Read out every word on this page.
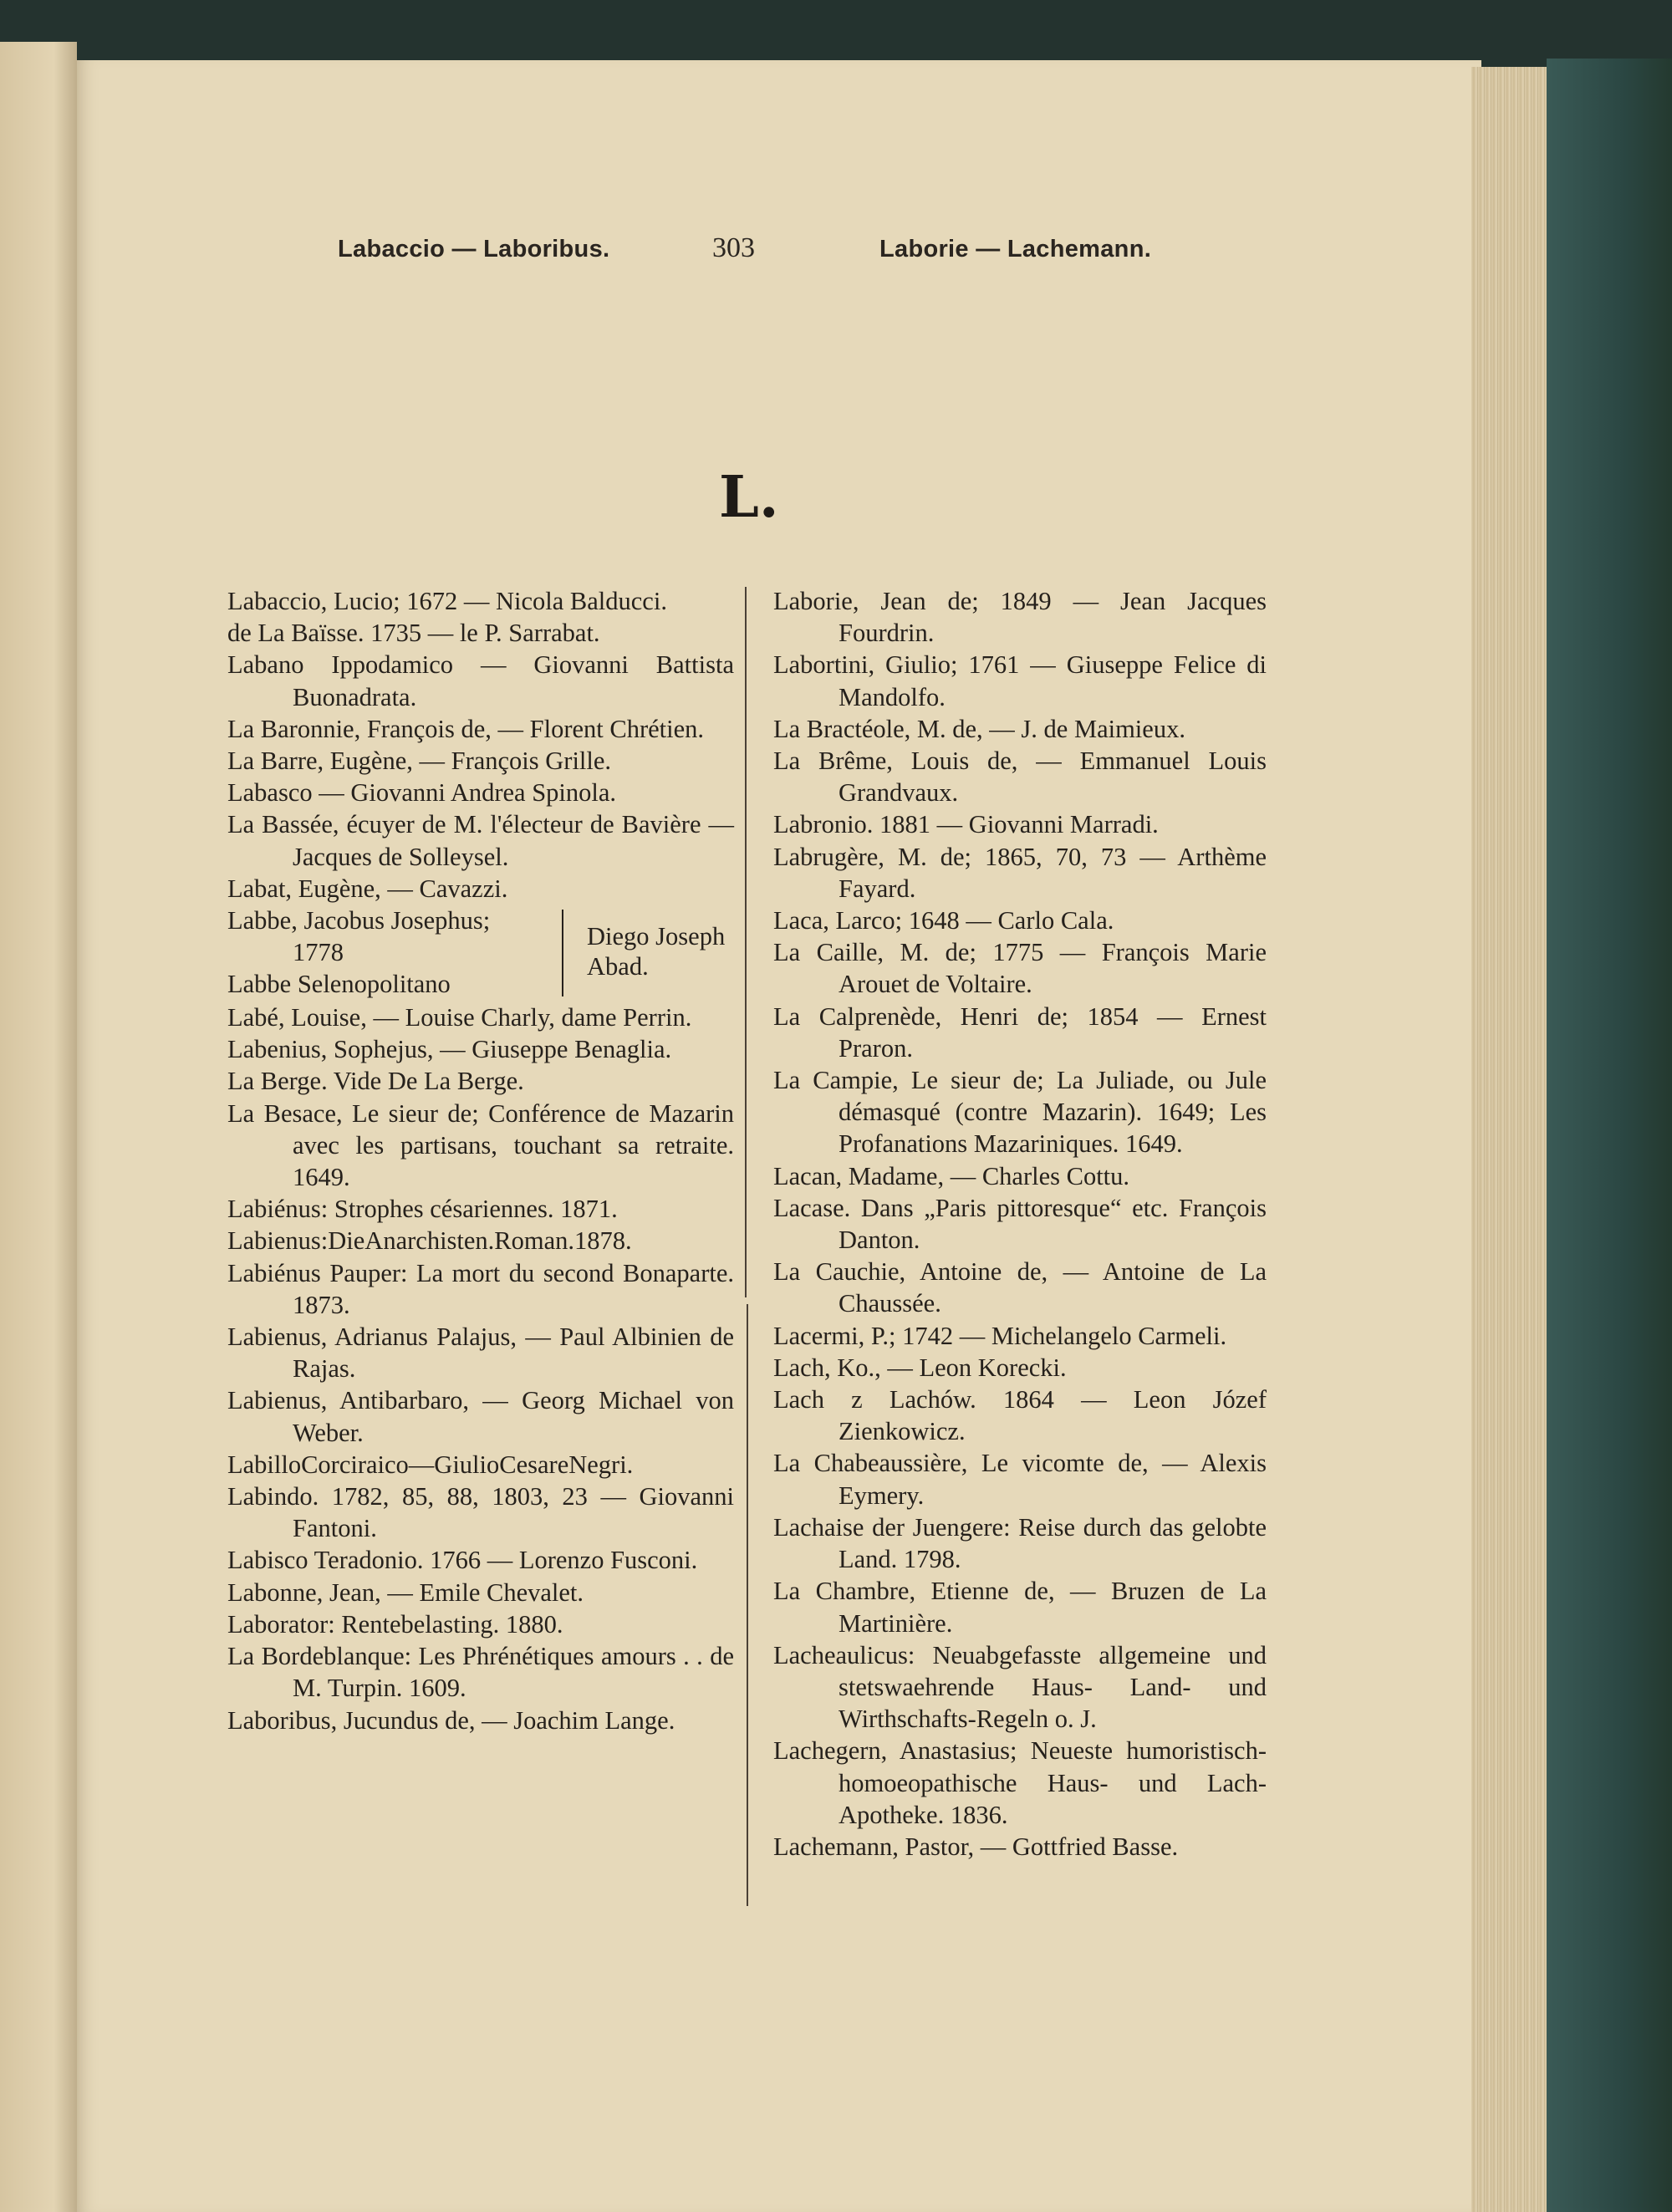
Labaccio — Laboribus.	303	Laborie — Lachemann.
L.

Labaccio, Lucio; 1672 — Nicola Balducci.

de La Baïsse. 1735 — le P. Sarrabat.

Labano Ippodamico — Giovanni Battista Buonadrata.

La Baronnie, François de, — Florent Chrétien.

La Barre, Eugène, — François Grille.

Labasco — Giovanni Andrea Spinola.

La Bassée, écuyer de M. l'électeur de Bavière — Jacques de Solleysel.

Labat, Eugène, — Cavazzi.

Labbe, Jacobus Josephus;
1778
Labbe Selenopolitano
Diego Joseph Abad.

Labé, Louise, — Louise Charly, dame Perrin.

Labenius, Sophejus, — Giuseppe Benaglia.

La Berge. Vide De La Berge.

La Besace, Le sieur de; Conférence de Mazarin avec les partisans, touchant sa retraite. 1649.

Labiénus: Strophes césariennes. 1871.

Labienus:DieAnarchisten.Roman.1878.

Labiénus Pauper: La mort du second Bonaparte. 1873.

Labienus, Adrianus Palajus, — Paul Albinien de Rajas.

Labienus, Antibarbaro, — Georg Michael von Weber.

LabilloCorciraico—GiulioCesareNegri.

Labindo. 1782, 85, 88, 1803, 23 — Giovanni Fantoni.

Labisco Teradonio. 1766 — Lorenzo Fusconi.

Labonne, Jean, — Emile Chevalet.

Laborator: Rentebelasting. 1880.

La Bordeblanque: Les Phrénétiques amours . . de M. Turpin. 1609.

Laboribus, Jucundus de, — Joachim Lange.

Laborie, Jean de; 1849 — Jean Jacques Fourdrin.

Labortini, Giulio; 1761 — Giuseppe Felice di Mandolfo.

La Bractéole, M. de, — J. de Maimieux.

La Brême, Louis de, — Emmanuel Louis Grandvaux.

Labronio. 1881 — Giovanni Marradi.

Labrugère, M. de; 1865, 70, 73 — Arthème Fayard.

Laca, Larco; 1648 — Carlo Cala.

La Caille, M. de; 1775 — François Marie Arouet de Voltaire.

La Calprenède, Henri de; 1854 — Ernest Praron.

La Campie, Le sieur de; La Juliade, ou Jule démasqué (contre Mazarin). 1649; Les Profanations Mazariniques. 1649.

Lacan, Madame, — Charles Cottu.

Lacase. Dans „Paris pittoresque“ etc. François Danton.

La Cauchie, Antoine de, — Antoine de La Chaussée.

Lacermi, P.; 1742 — Michelangelo Carmeli.

Lach, Ko., — Leon Korecki.

Lach z Lachów. 1864 — Leon Józef Zienkowicz.

La Chabeaussière, Le vicomte de, — Alexis Eymery.

Lachaise der Juengere: Reise durch das gelobte Land. 1798.

La Chambre, Etienne de, — Bruzen de La Martinière.

Lacheaulicus: Neuabgefasste allgemeine und stetswaehrende Haus- Land- und Wirthschafts-Regeln o. J.

Lachegern, Anastasius; Neueste humoristisch-homoeopathische Haus- und Lach-Apotheke. 1836.

Lachemann, Pastor, — Gottfried Basse.
